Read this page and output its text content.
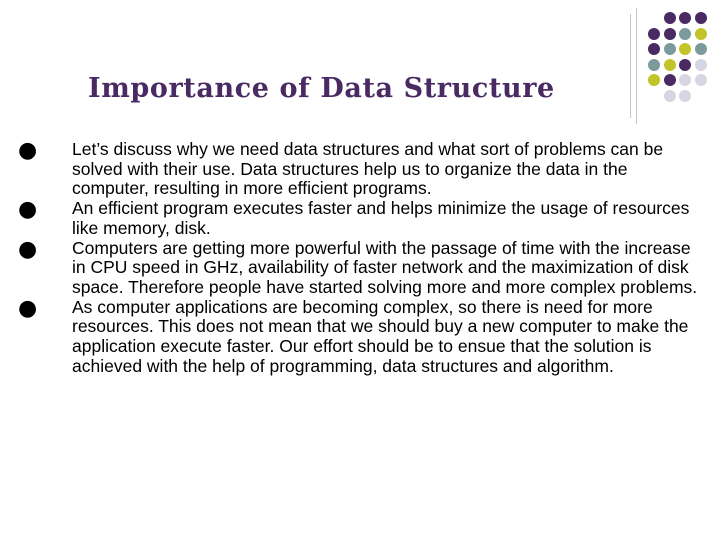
Importance of Data Structure
● Let’s discuss why we need data structures and what sort of problems can be solved with their use. Data structures help us to organize the data in the computer, resulting in more efficient programs.
● An efficient program executes faster and helps minimize the usage of resources like memory, disk.
● Computers are getting more powerful with the passage of time with the increase in CPU speed in GHz, availability of faster network and the maximization of disk space. Therefore people have started solving more and more complex problems.
● As computer applications are becoming complex, so there is need for more resources. This does not mean that we should buy a new computer to make the application execute faster. Our effort should be to ensue that the solution is achieved with the help of programming, data structures and algorithm.
